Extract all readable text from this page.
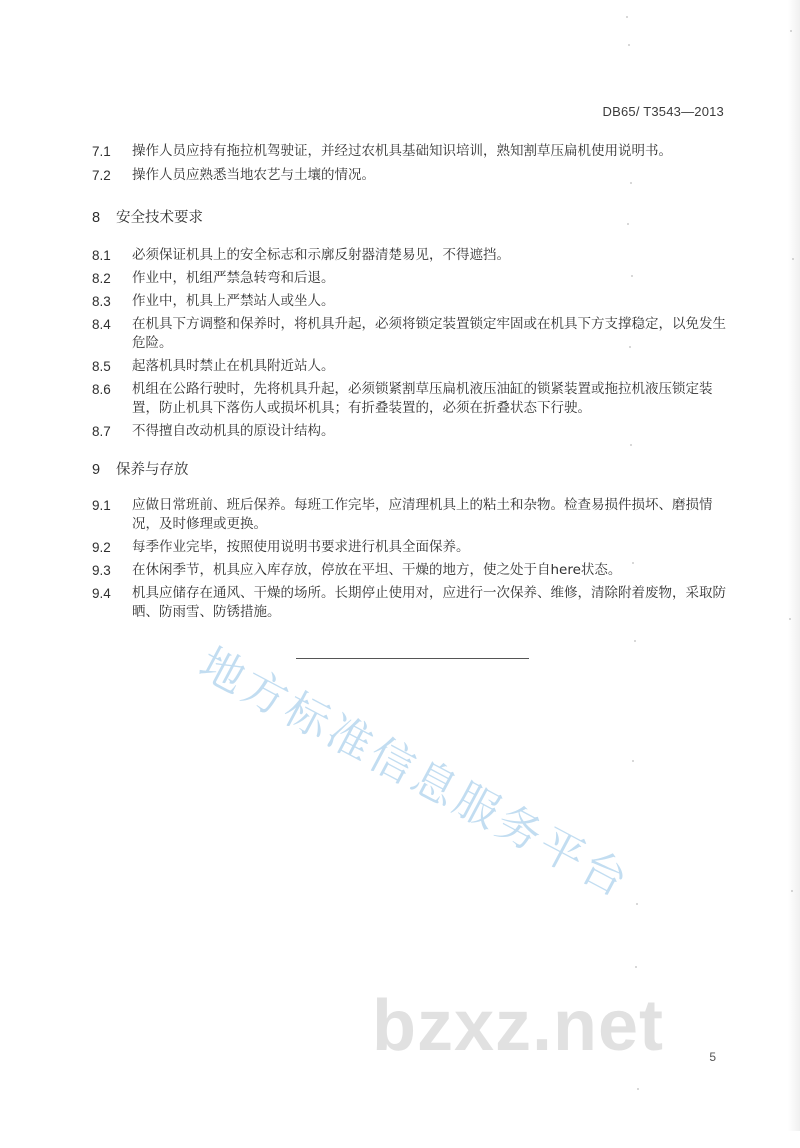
DB65/ T3543—2013
7.1 操作人员应持有拖拉机驾驶证，并经过农机具基础知识培训，熟知割草压扁机使用说明书。
7.2 操作人员应熟悉当地农艺与土壤的情况。
8 安全技术要求
8.1 必须保证机具上的安全标志和示廓反射器清楚易见，不得遮挡。
8.2 作业中，机组严禁急转弯和后退。
8.3 作业中，机具上严禁站人或坐人。
8.4 在机具下方调整和保养时，将机具升起，必须将锁定装置锁定牢固或在机具下方支撑稳定，以免发生危险。
8.5 起落机具时禁止在机具附近站人。
8.6 机组在公路行驶时，先将机具升起，必须锁紧割草压扁机液压油缸的锁紧装置或拖拉机液压锁定装置，防止机具下落伤人或损坏机具；有折叠装置的，必须在折叠状态下行驶。
8.7 不得擅自改动机具的原设计结构。
9 保养与存放
9.1 应做日常班前、班后保养。每班工作完毕，应清理机具上的粘土和杂物。检查易损件损坏、磨损情况，及时修理或更换。
9.2 每季作业完毕，按照使用说明书要求进行机具全面保养。
9.3 在休闲季节，机具应入库存放，停放在平坦、干燥的地方，使之处于自here状态。
9.4 机具应储存在通风、干燥的场所。长期停止使用对，应进行一次保养、维修，清除附着废物，采取防晒、防雨雪、防锈措施。
地方标准信息服务平台
bzxz.net	5
